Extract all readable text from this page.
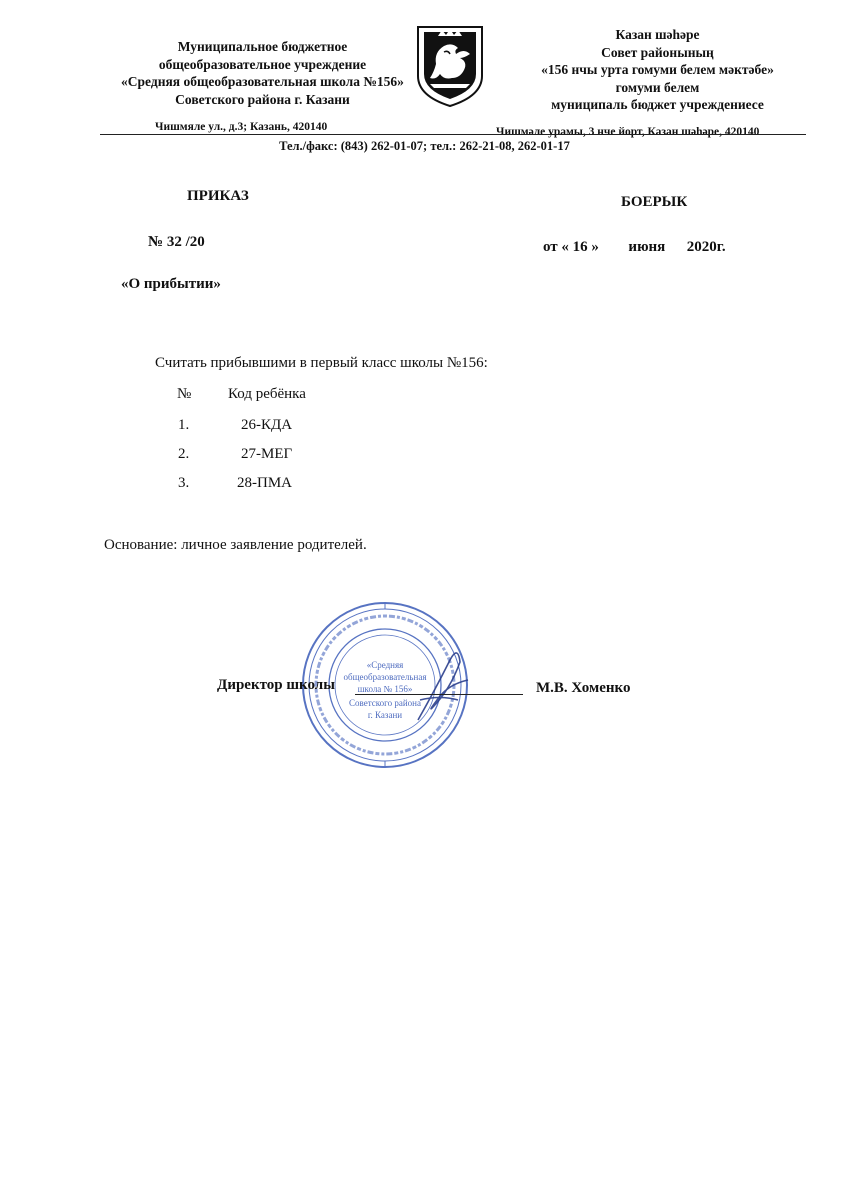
Муниципальное бюджетное
общеобразовательное учреждение
«Средняя общеобразовательная школа №156»
Советского района г. Казани
Казан шәһәре
Совет районының
«156 нчы урта гомуми белем мәктәбе»
гомуми белем
муниципаль бюджет учреждениесе
Чишмяле ул., д.3; Казань, 420140	Чишмәле урамы, 3 нче йорт, Казан шәһәре, 420140
Тел./факс: (843) 262-01-07; тел.: 262-21-08, 262-01-17
ПРИКАЗ	БОЕРЫК
№ 32 /20	от « 16 » июня 2020г.
«О прибытии»
Считать прибывшими в первый класс школы №156:
№ Код ребёнка
1.	26-КДА
2.	27-МЕГ
3.	28-ПМА
Основание: личное заявление родителей.
«Средняя
общеобразовательная
школа № 156»
Советского района
г. Казани
Директор школы	М.В. Хоменко
